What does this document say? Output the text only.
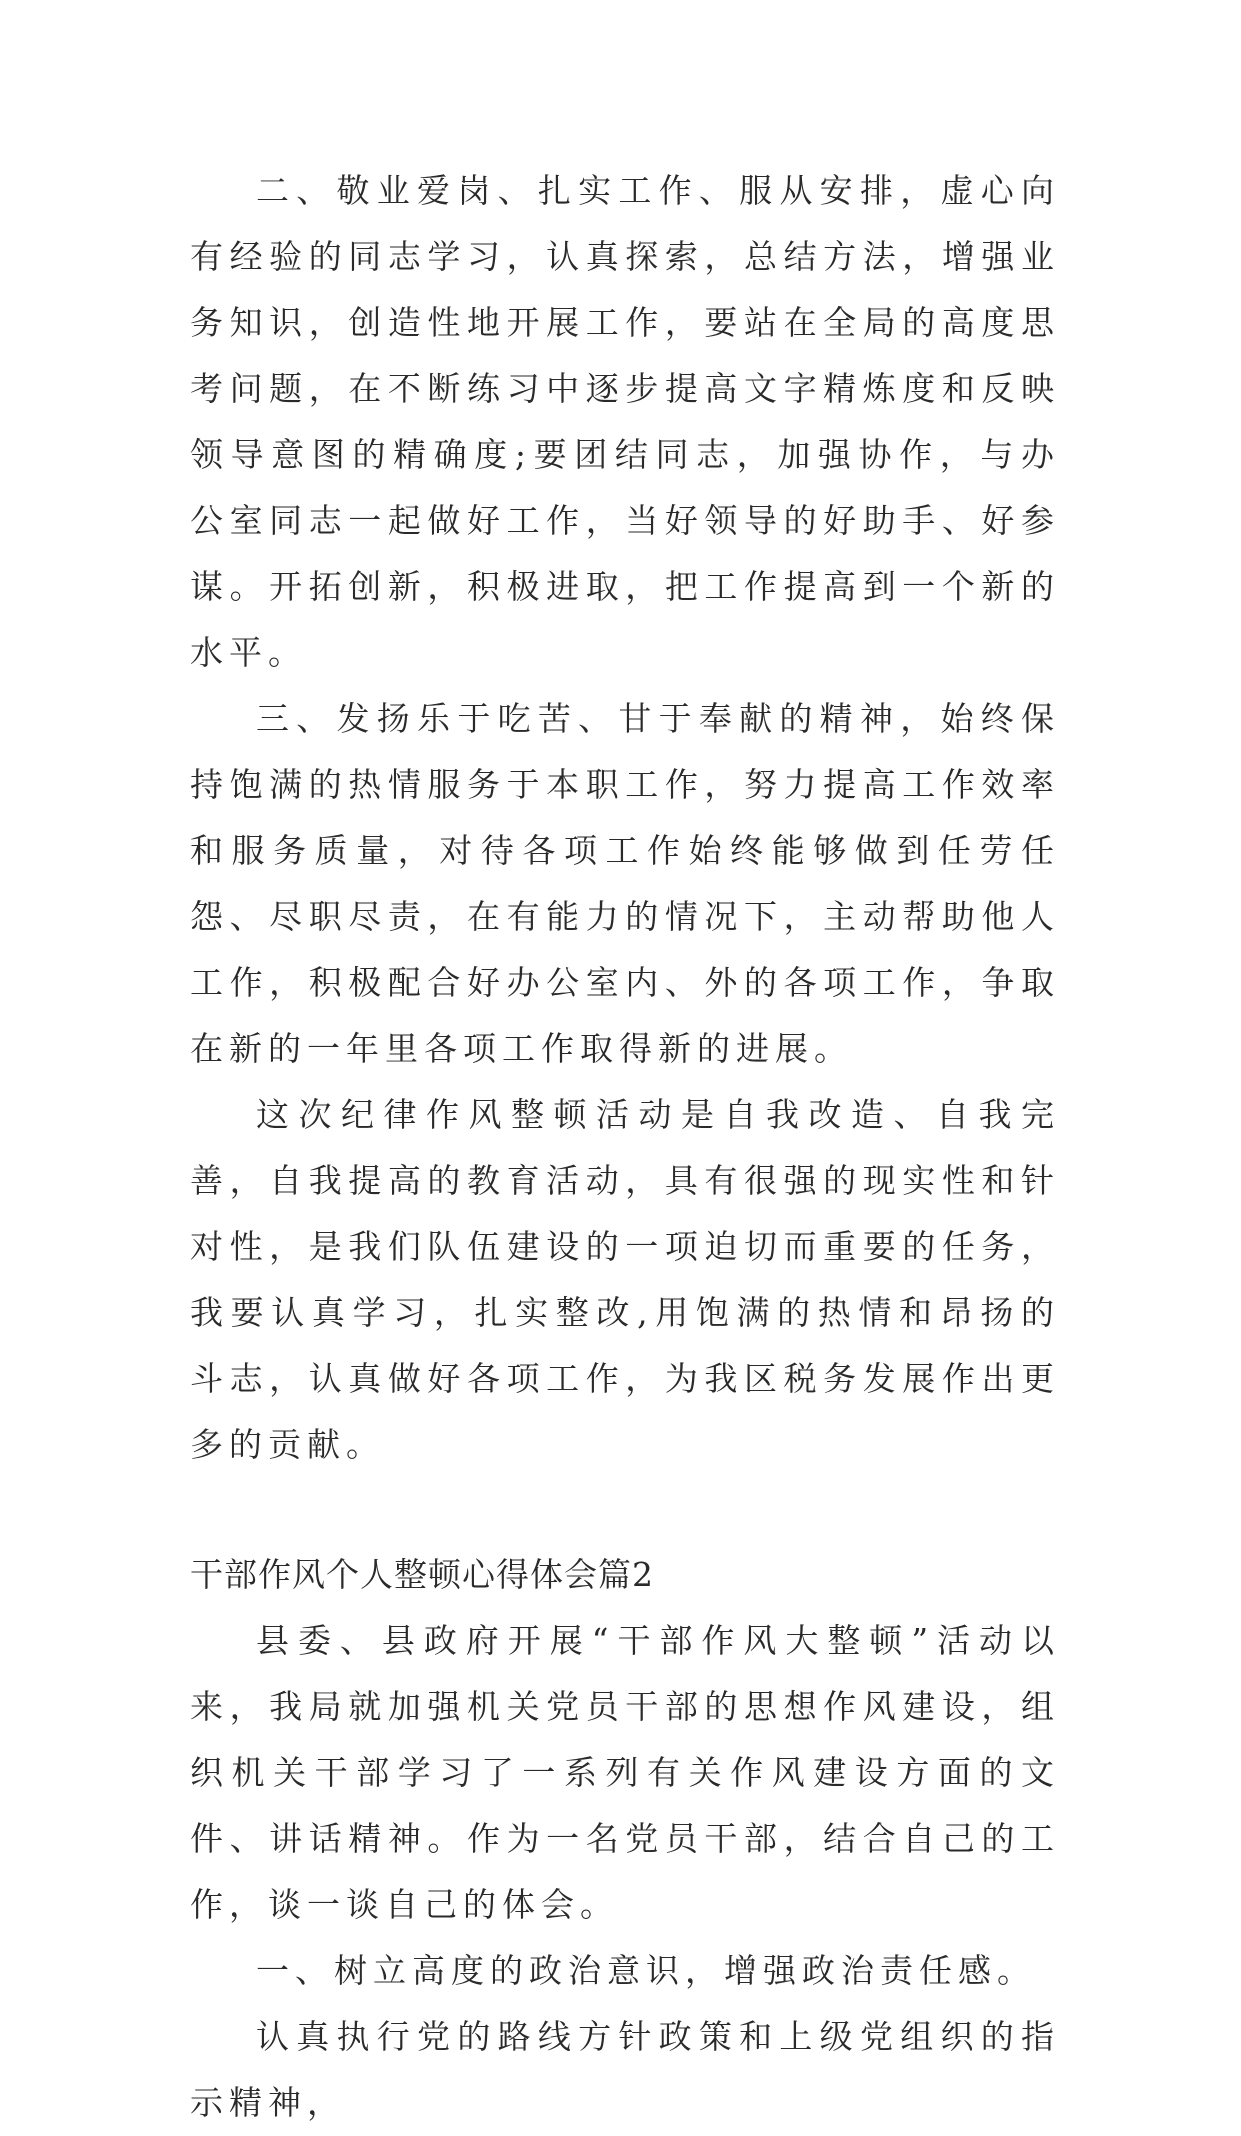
二、敬业爱岗、扎实工作、服从安排，虚心向有经验的同志学习，认真探索，总结方法，增强业务知识，创造性地开展工作，要站在全局的高度思考问题，在不断练习中逐步提高文字精炼度和反映领导意图的精确度;要团结同志，加强协作，与办公室同志一起做好工作，当好领导的好助手、好参谋。开拓创新，积极进取，把工作提高到一个新的水平。

三、发扬乐于吃苦、甘于奉献的精神，始终保持饱满的热情服务于本职工作，努力提高工作效率和服务质量，对待各项工作始终能够做到任劳任怨、尽职尽责，在有能力的情况下，主动帮助他人工作，积极配合好办公室内、外的各项工作，争取在新的一年里各项工作取得新的进展。

这次纪律作风整顿活动是自我改造、自我完善，自我提高的教育活动，具有很强的现实性和针对性，是我们队伍建设的一项迫切而重要的任务，我要认真学习，扎实整改,用饱满的热情和昂扬的斗志，认真做好各项工作，为我区税务发展作出更多的贡献。

干部作风个人整顿心得体会篇2

县委、县政府开展“干部作风大整顿”活动以来，我局就加强机关党员干部的思想作风建设，组织机关干部学习了一系列有关作风建设方面的文件、讲话精神。作为一名党员干部，结合自己的工作，谈一谈自己的体会。

一、树立高度的政治意识，增强政治责任感。

认真执行党的路线方针政策和上级党组织的指示精神，
